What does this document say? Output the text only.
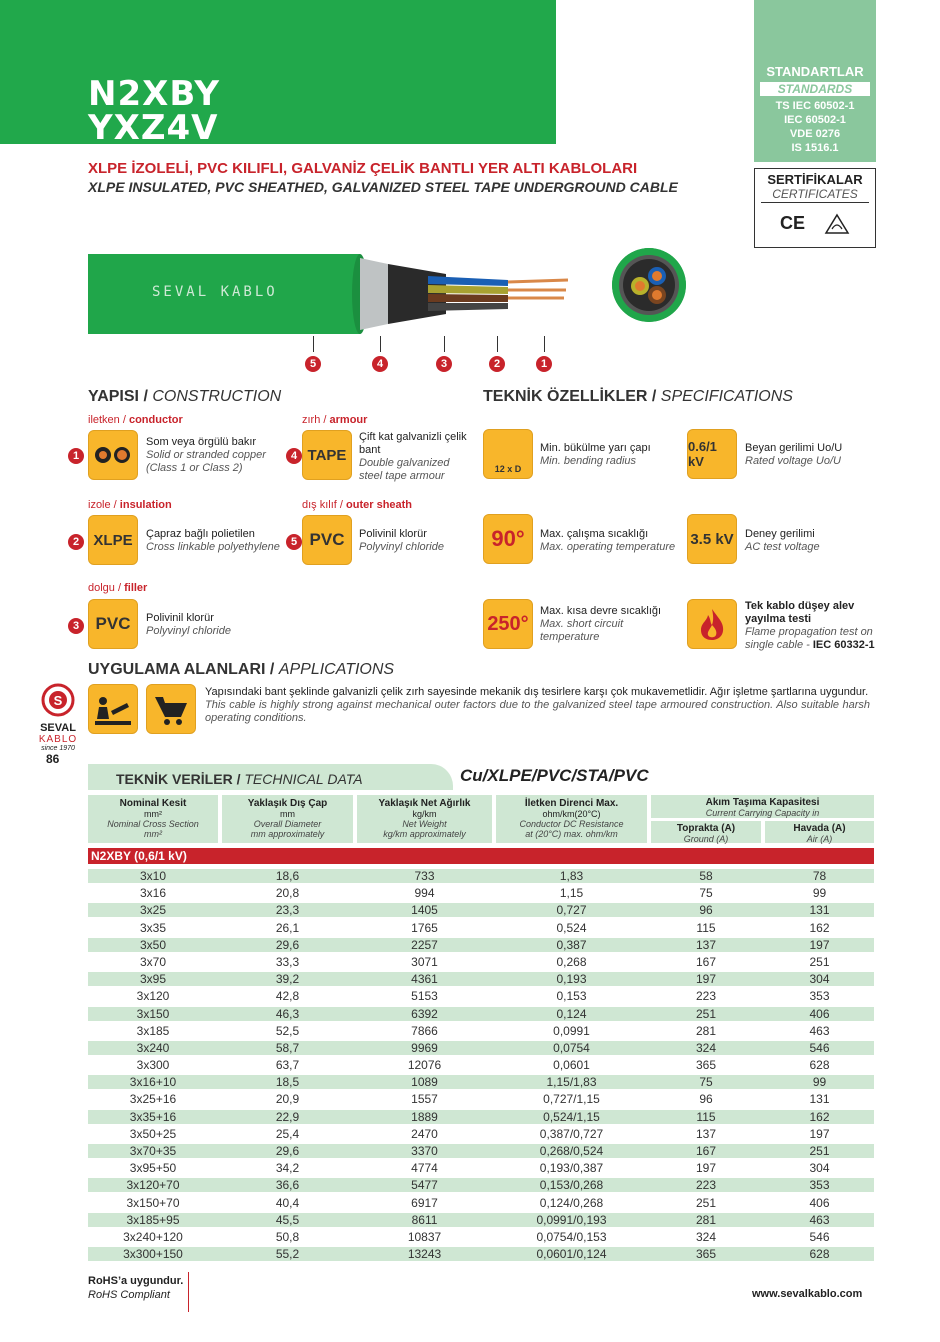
N2XBY
YXZ4V
STANDARTLAR
STANDARDS
TS IEC 60502-1
IEC 60502-1
VDE 0276
IS 1516.1
SERTİFİKALAR
CERTIFICATES
CE
XLPE İZOLELİ, PVC KILIFLI, GALVANİZ ÇELİK BANTLI YER ALTI KABLOLARI
XLPE INSULATED, PVC SHEATHED, GALVANIZED STEEL TAPE UNDERGROUND CABLE
SEVAL KABLO
5	4	3	2	1
YAPISI / CONSTRUCTION
iletken / conductor
1
Som veya örgülü bakır
Solid or stranded copper (Class 1 or Class 2)
izole / insulation
2 XLPE	Çapraz bağlı polietilen
Cross linkable polyethylene
dolgu / filler
3 PVC	Polivinil klorür
Polyvinyl chloride
zırh / armour
4 TAPE
Çift kat galvanizli çelik bant
Double galvanized steel tape armour
dış kılıf / outer sheath
5 PVC	Polivinil klorür
Polyvinyl chloride
TEKNİK ÖZELLİKLER / SPECIFICATIONS
12 x D
Min. bükülme yarı çapı
Min. bending radius
0.6/1 kV
Beyan gerilimi Uo/U
Rated voltage Uo/U
90°	Max. çalışma sıcaklığı
Max. operating temperature	3.5 kV	Deney gerilimi
AC test voltage
250°
Max. kısa devre sıcaklığı
Max. short circuit temperature
Tek kablo düşey alev yayılma testi
Flame propagation test on single cable - IEC 60332-1
UYGULAMA ALANLARI / APPLICATIONS
Yapısındaki bant şeklinde galvanizli çelik zırh sayesinde mekanik dış tesirlere karşı çok mukavemetlidir. Ağır işletme şartlarına uygundur.
This cable is highly strong against mechanical outer factors due to the galvanized steel tape armoured construction. Also suitable harsh operating conditions.
S
SEVAL
KABLO
since 1970
86
TEKNİK VERİLER / TECHNICAL DATA	Cu/XLPE/PVC/STA/PVC
Nominal Kesit
mm²
Nominal Cross Section
mm²
Yaklaşık Dış Çap
mm
Overall Diameter
mm approximately
Yaklaşık Net Ağırlık
kg/km
Net Weight
kg/km approximately
İletken Direnci Max.
ohm/km(20°C)
Conductor DC Resistance
at (20°C) max. ohm/km
Akım Taşıma Kapasitesi
Current Carrying Capacity in
Toprakta (A)
Ground (A)
Havada (A)
Air (A)
N2XBY (0,6/1 kV)
3x10	18,6	733	1,83	58	78
3x16	20,8	994	1,15	75	99
3x25	23,3	1405	0,727	96	131
3x35	26,1	1765	0,524	115	162
3x50	29,6	2257	0,387	137	197
3x70	33,3	3071	0,268	167	251
3x95	39,2	4361	0,193	197	304
3x120	42,8	5153	0,153	223	353
3x150	46,3	6392	0,124	251	406
3x185	52,5	7866	0,0991	281	463
3x240	58,7	9969	0,0754	324	546
3x300	63,7	12076	0,0601	365	628
3x16+10	18,5	1089	1,15/1,83	75	99
3x25+16	20,9	1557	0,727/1,15	96	131
3x35+16	22,9	1889	0,524/1,15	115	162
3x50+25	25,4	2470	0,387/0,727	137	197
3x70+35	29,6	3370	0,268/0,524	167	251
3x95+50	34,2	4774	0,193/0,387	197	304
3x120+70	36,6	5477	0,153/0,268	223	353
3x150+70	40,4	6917	0,124/0,268	251	406
3x185+95	45,5	8611	0,0991/0,193	281	463
3x240+120	50,8	10837	0,0754/0,153	324	546
3x300+150	55,2	13243	0,0601/0,124	365	628
RoHS’a uygundur.
RoHS Compliant	www.sevalkablo.com
